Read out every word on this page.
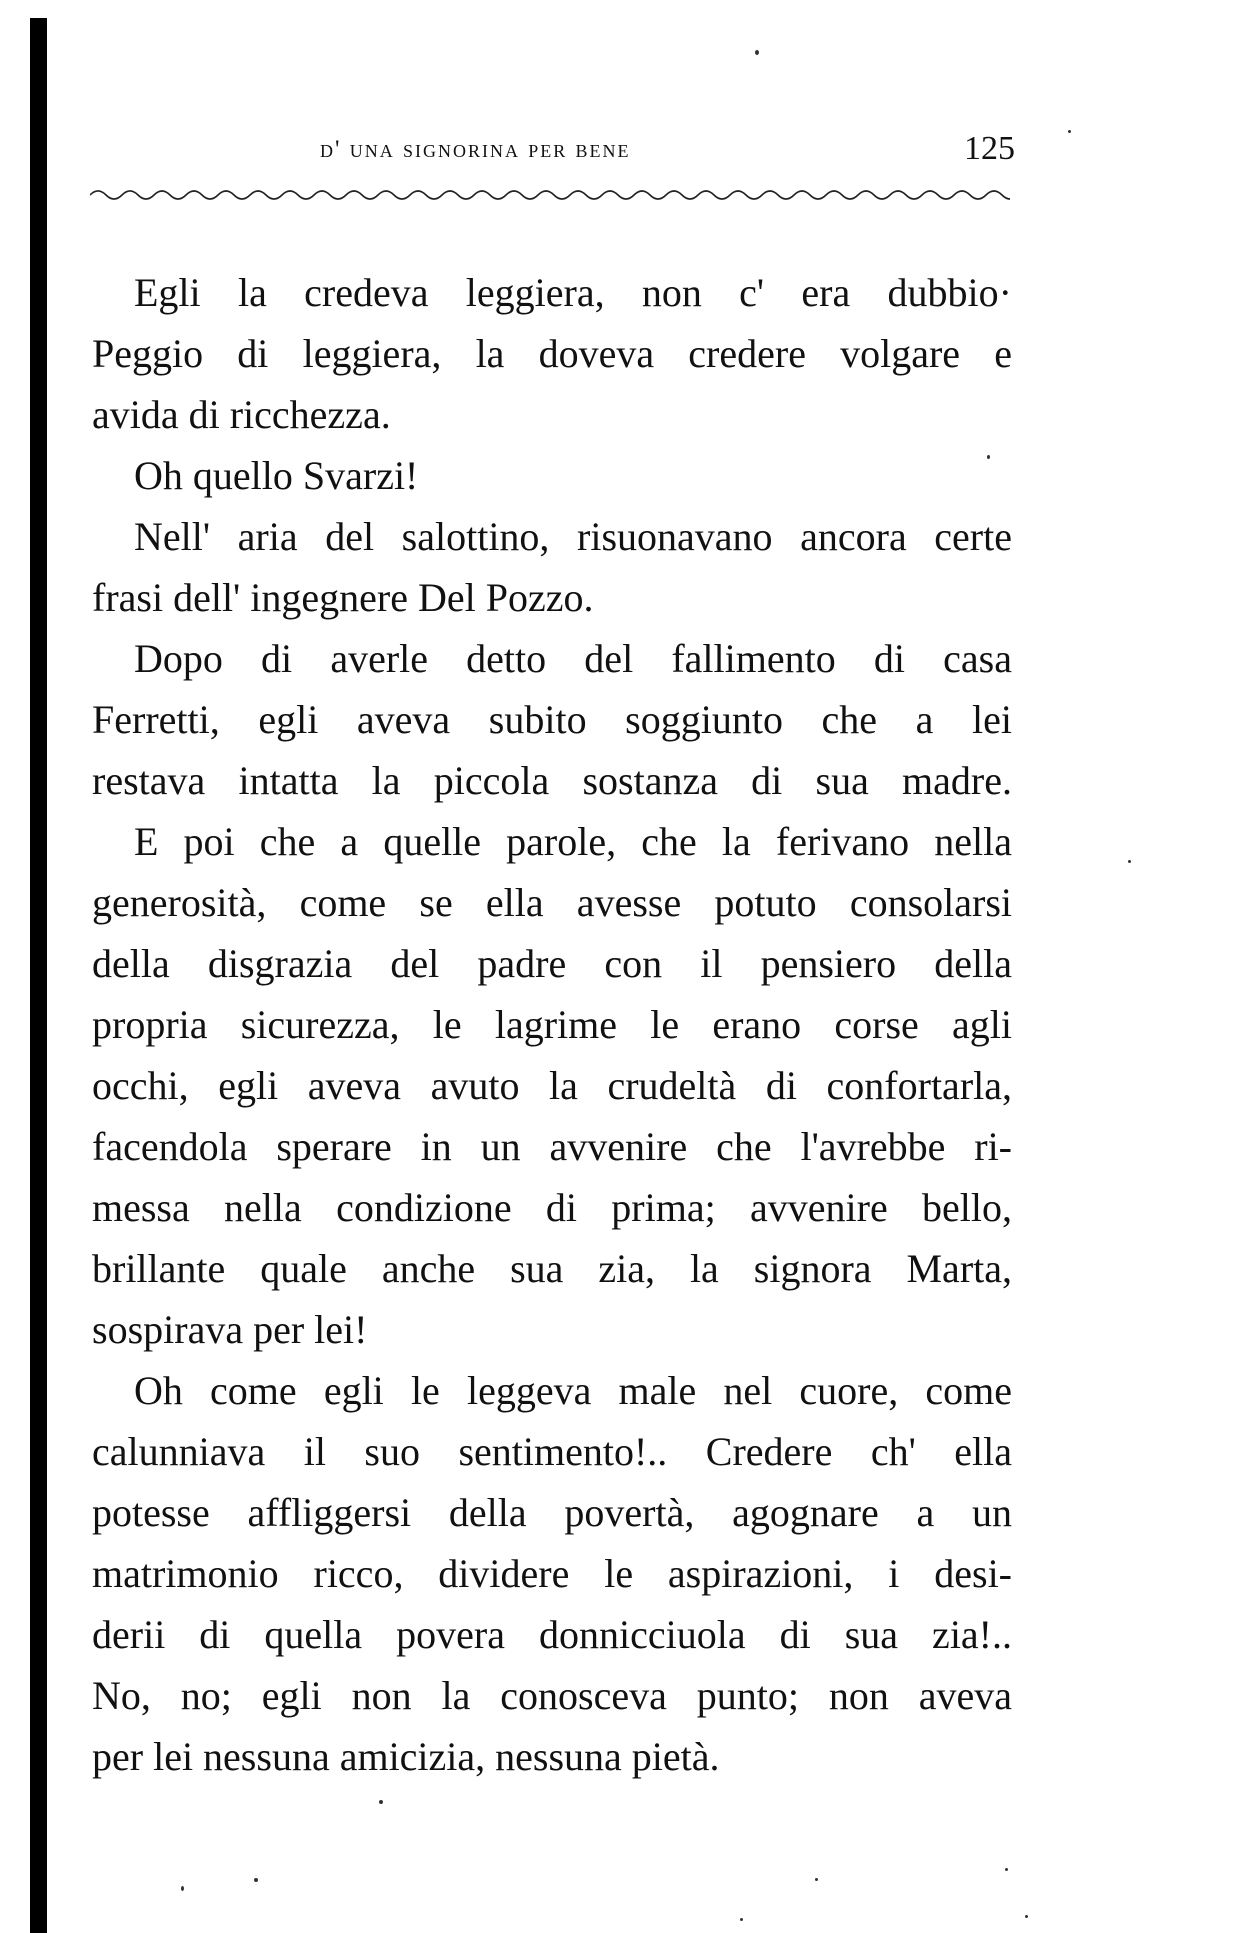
d' una signorina per bene	125
Egli la credeva leggiera, non c' era dubbio·
Peggio di leggiera, la doveva credere volgare e
avida di ricchezza.
Oh quello Svarzi!
Nell' aria del salottino, risuonavano ancora certe
frasi dell' ingegnere Del Pozzo.
Dopo di averle detto del fallimento di casa
Ferretti, egli aveva subito soggiunto che a lei
restava intatta la piccola sostanza di sua madre.
E poi che a quelle parole, che la ferivano nella
generosità, come se ella avesse potuto consolarsi
della disgrazia del padre con il pensiero della
propria sicurezza, le lagrime le erano corse agli
occhi, egli aveva avuto la crudeltà di confortarla,
facendola sperare in un avvenire che l'avrebbe ri-
messa nella condizione di prima; avvenire bello,
brillante quale anche sua zia, la signora Marta,
sospirava per lei!
Oh come egli le leggeva male nel cuore, come
calunniava il suo sentimento!.. Credere ch' ella
potesse affliggersi della povertà, agognare a un
matrimonio ricco, dividere le aspirazioni, i desi-
derii di quella povera donnicciuola di sua zia!..
No, no; egli non la conosceva punto; non aveva
per lei nessuna amicizia, nessuna pietà.
